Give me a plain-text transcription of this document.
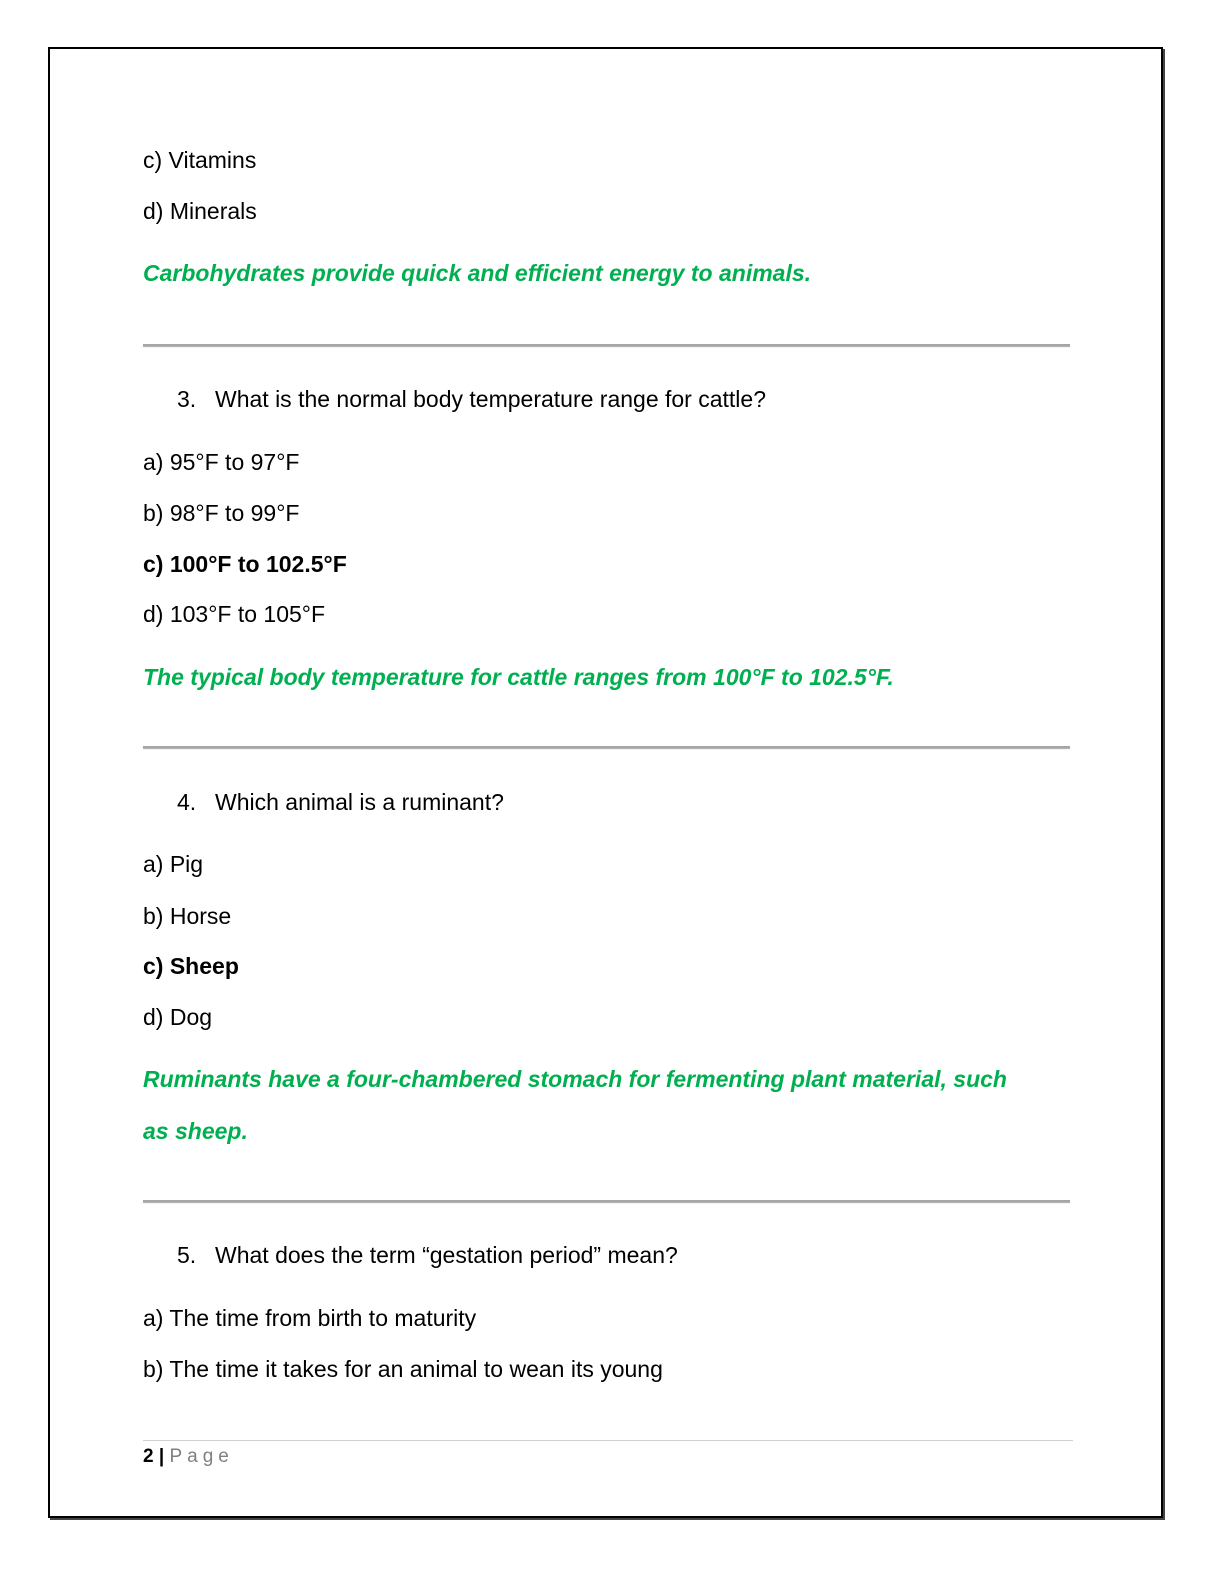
c) Vitamins
d) Minerals
Carbohydrates provide quick and efficient energy to animals.
3. What is the normal body temperature range for cattle?
a) 95°F to 97°F
b) 98°F to 99°F
c) 100°F to 102.5°F
d) 103°F to 105°F
The typical body temperature for cattle ranges from 100°F to 102.5°F.
4. Which animal is a ruminant?
a) Pig
b) Horse
c) Sheep
d) Dog
Ruminants have a four-chambered stomach for fermenting plant material, such
as sheep.
5. What does the term “gestation period” mean?
a) The time from birth to maturity
b) The time it takes for an animal to wean its young
2 | Page
